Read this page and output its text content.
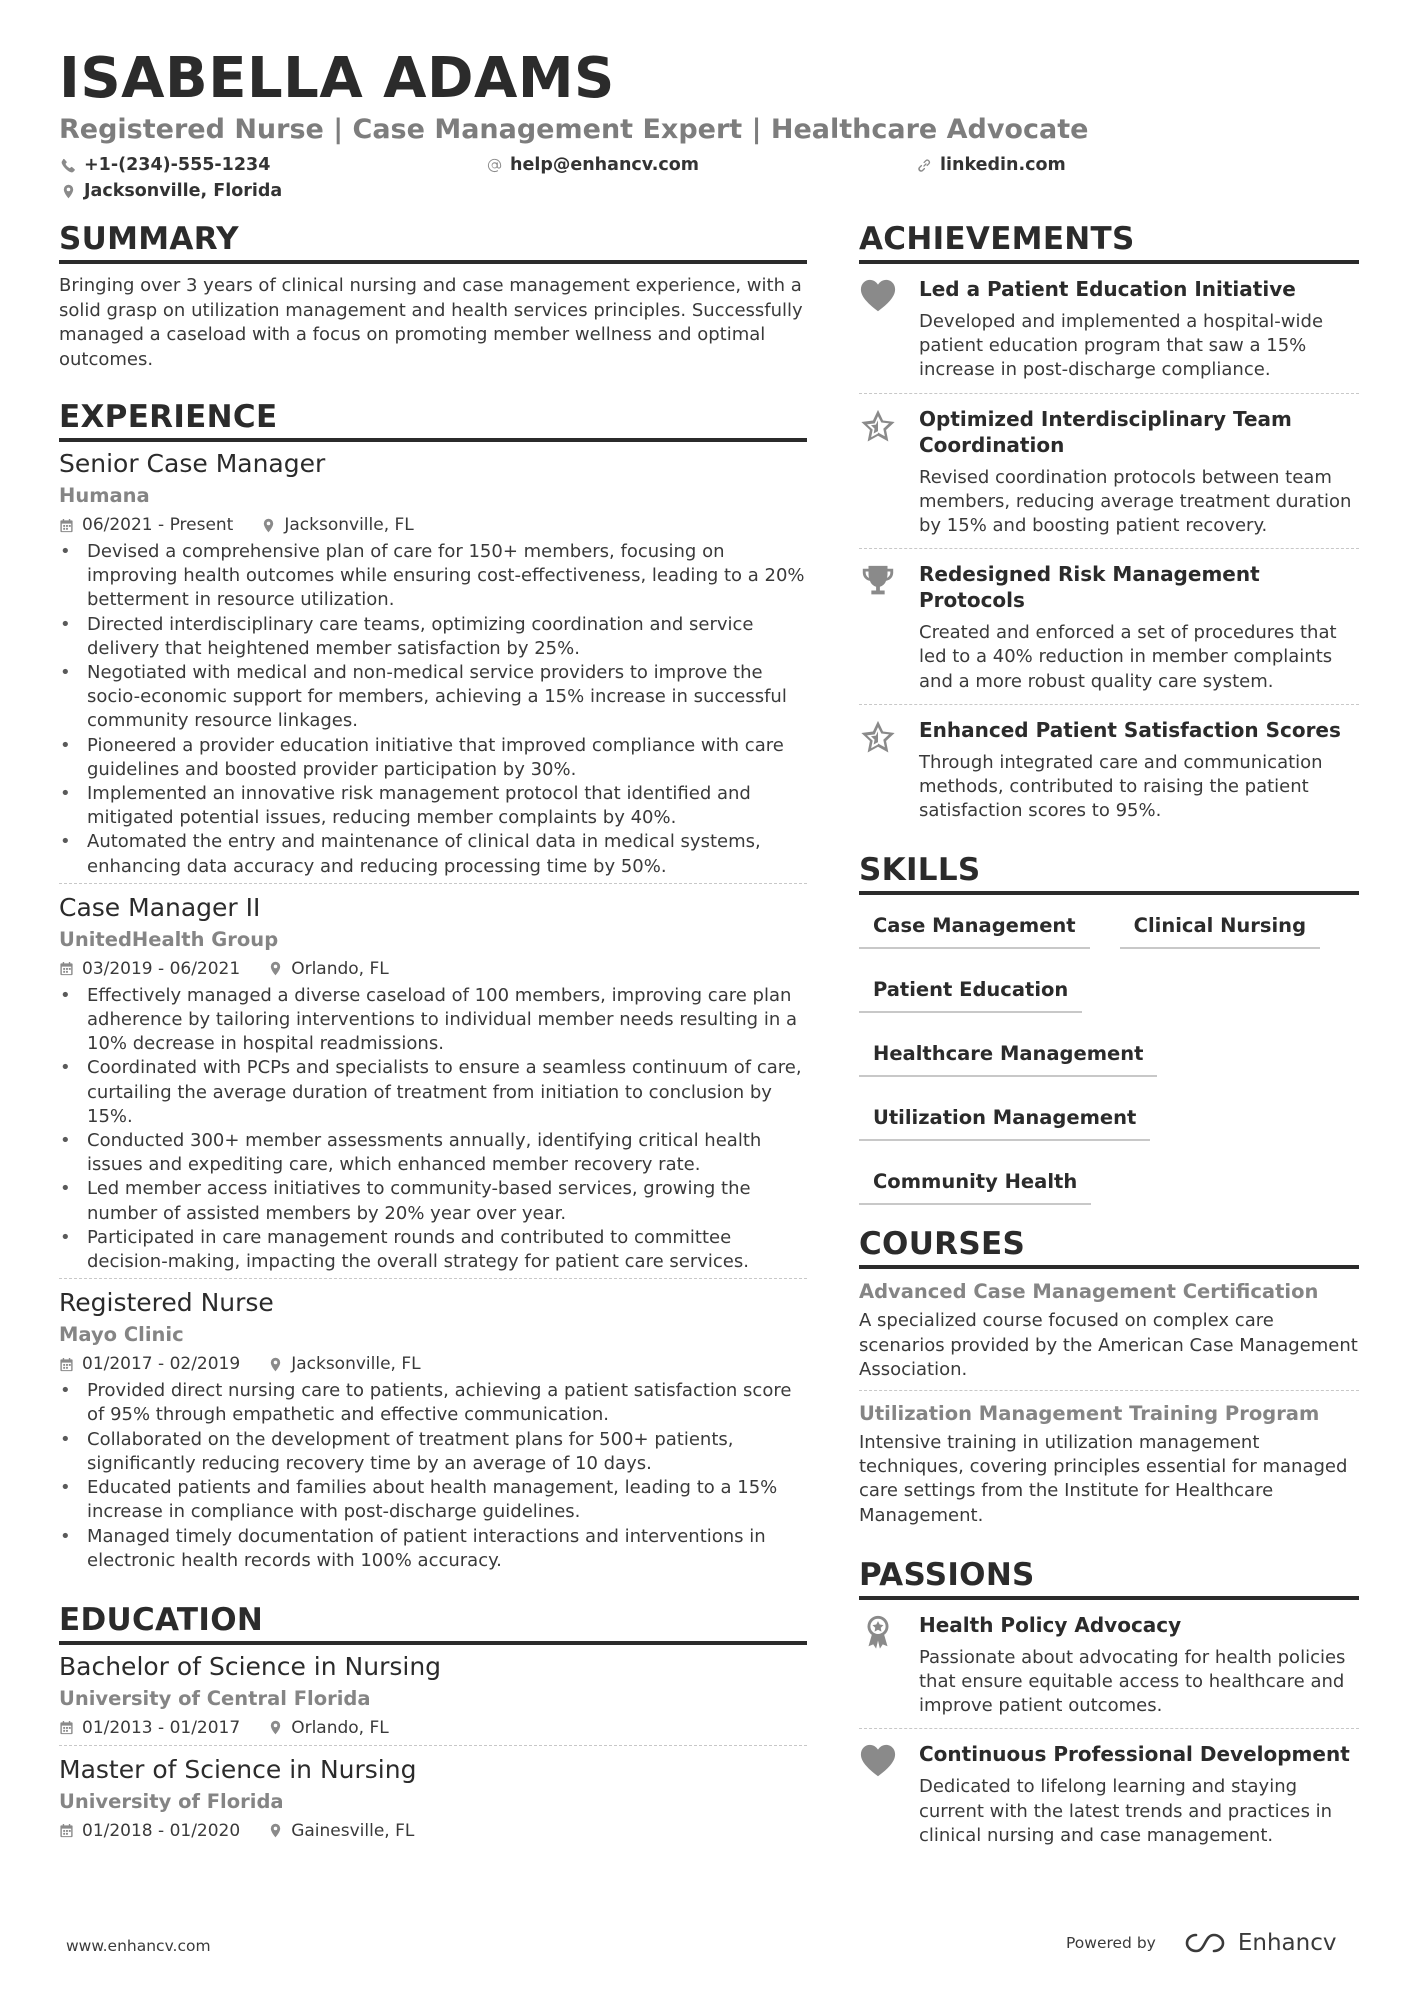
ISABELLA ADAMS
Registered Nurse | Case Management Expert | Healthcare Advocate
+1-(234)-555-1234	help@enhancv.com	linkedin.com
Jacksonville, Florida
SUMMARY
Bringing over 3 years of clinical nursing and case management experience, with a solid grasp on utilization management and health services principles. Successfully managed a caseload with a focus on promoting member wellness and optimal outcomes.
EXPERIENCE
Senior Case Manager
Humana
06/2021 - Present	Jacksonville, FL
• Devised a comprehensive plan of care for 150+ members, focusing on improving health outcomes while ensuring cost-effectiveness, leading to a 20% betterment in resource utilization.
• Directed interdisciplinary care teams, optimizing coordination and service delivery that heightened member satisfaction by 25%.
• Negotiated with medical and non-medical service providers to improve the socio-economic support for members, achieving a 15% increase in successful community resource linkages.
• Pioneered a provider education initiative that improved compliance with care guidelines and boosted provider participation by 30%.
• Implemented an innovative risk management protocol that identified and mitigated potential issues, reducing member complaints by 40%.
• Automated the entry and maintenance of clinical data in medical systems, enhancing data accuracy and reducing processing time by 50%.
Case Manager II
UnitedHealth Group
03/2019 - 06/2021	Orlando, FL
• Effectively managed a diverse caseload of 100 members, improving care plan adherence by tailoring interventions to individual member needs resulting in a 10% decrease in hospital readmissions.
• Coordinated with PCPs and specialists to ensure a seamless continuum of care, curtailing the average duration of treatment from initiation to conclusion by 15%.
• Conducted 300+ member assessments annually, identifying critical health issues and expediting care, which enhanced member recovery rate.
• Led member access initiatives to community-based services, growing the number of assisted members by 20% year over year.
• Participated in care management rounds and contributed to committee decision-making, impacting the overall strategy for patient care services.
Registered Nurse
Mayo Clinic
01/2017 - 02/2019	Jacksonville, FL
• Provided direct nursing care to patients, achieving a patient satisfaction score of 95% through empathetic and effective communication.
• Collaborated on the development of treatment plans for 500+ patients, significantly reducing recovery time by an average of 10 days.
• Educated patients and families about health management, leading to a 15% increase in compliance with post-discharge guidelines.
• Managed timely documentation of patient interactions and interventions in electronic health records with 100% accuracy.
EDUCATION
Bachelor of Science in Nursing
University of Central Florida
01/2013 - 01/2017	Orlando, FL
Master of Science in Nursing
University of Florida
01/2018 - 01/2020	Gainesville, FL
ACHIEVEMENTS
Led a Patient Education Initiative
Developed and implemented a hospital-wide patient education program that saw a 15% increase in post-discharge compliance.
Optimized Interdisciplinary Team Coordination
Revised coordination protocols between team members, reducing average treatment duration by 15% and boosting patient recovery.
Redesigned Risk Management Protocols
Created and enforced a set of procedures that led to a 40% reduction in member complaints and a more robust quality care system.
Enhanced Patient Satisfaction Scores
Through integrated care and communication methods, contributed to raising the patient satisfaction scores to 95%.
SKILLS
Case Management	Clinical Nursing
Patient Education
Healthcare Management
Utilization Management
Community Health
COURSES
Advanced Case Management Certification
A specialized course focused on complex care scenarios provided by the American Case Management Association.
Utilization Management Training Program
Intensive training in utilization management techniques, covering principles essential for managed care settings from the Institute for Healthcare Management.
PASSIONS
Health Policy Advocacy
Passionate about advocating for health policies that ensure equitable access to healthcare and improve patient outcomes.
Continuous Professional Development
Dedicated to lifelong learning and staying current with the latest trends and practices in clinical nursing and case management.
www.enhancv.com	Powered by	Enhancv
